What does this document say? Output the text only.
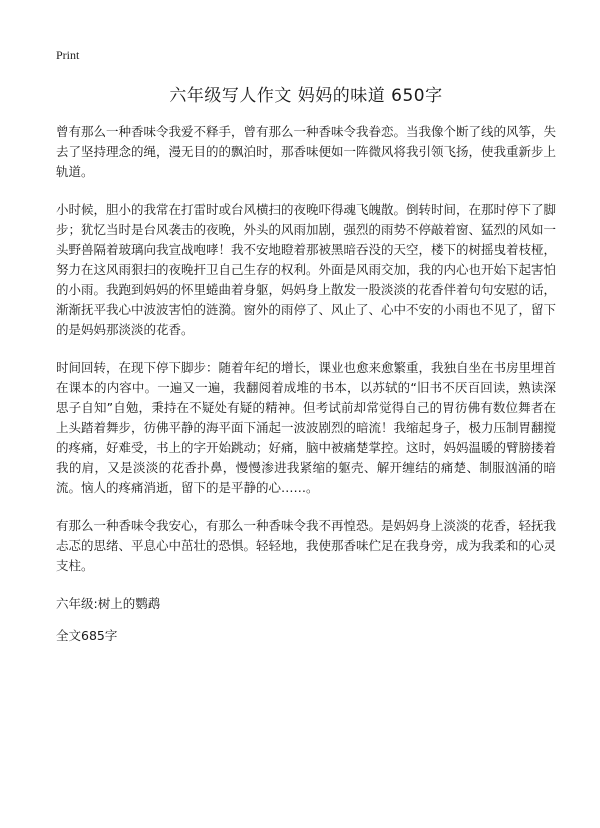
Print
六年级写人作文 妈妈的味道 650字

曾有那么一种香味令我爱不释手，曾有那么一种香味令我眷恋。当我像个断了线的风筝，失去了坚持理念的绳，漫无目的的飘泊时，那香味便如一阵微风将我引领飞扬，使我重新步上轨道。

小时候，胆小的我常在打雷时或台风横扫的夜晚吓得魂飞魄散。倒转时间，在那时停下了脚步；犹忆当时是台风袭击的夜晚，外头的风雨加剧，强烈的雨势不停敲着窗、猛烈的风如一头野兽隔着玻璃向我宣战咆哮！我不安地瞪着那被黑暗吞没的天空，楼下的树摇曳着枝桠，努力在这风雨狠扫的夜晚扞卫自己生存的权利。外面是风雨交加，我的内心也开始下起害怕的小雨。我跑到妈妈的怀里蜷曲着身躯，妈妈身上散发一股淡淡的花香伴着句句安慰的话，渐渐抚平我心中波波害怕的涟漪。窗外的雨停了、风止了、心中不安的小雨也不见了，留下的是妈妈那淡淡的花香。

时间回转，在现下停下脚步：随着年纪的增长，课业也愈来愈繁重，我独自坐在书房里埋首在课本的内容中。一遍又一遍，我翻阅着成堆的书本，以苏轼的“旧书不厌百回读，熟读深思子自知”自勉，秉持在不疑处有疑的精神。但考试前却常觉得自己的胃彷佛有数位舞者在上头踏着舞步，彷佛平静的海平面下涌起一波波剧烈的暗流！我缩起身子，极力压制胃翻搅的疼痛，好难受，书上的字开始跳动；好痛，脑中被痛楚掌控。这时，妈妈温暖的臂膀搂着我的肩，又是淡淡的花香扑鼻，慢慢渗进我紧缩的躯壳、解开缠结的痛楚、制服汹涌的暗流。恼人的疼痛消逝，留下的是平静的心……。

有那么一种香味令我安心，有那么一种香味令我不再惶恐。是妈妈身上淡淡的花香，轻抚我忐忑的思绪、平息心中茁壮的恐惧。轻轻地，我使那香味伫足在我身旁，成为我柔和的心灵支柱。

六年级:树上的鹦鹉

全文685字
